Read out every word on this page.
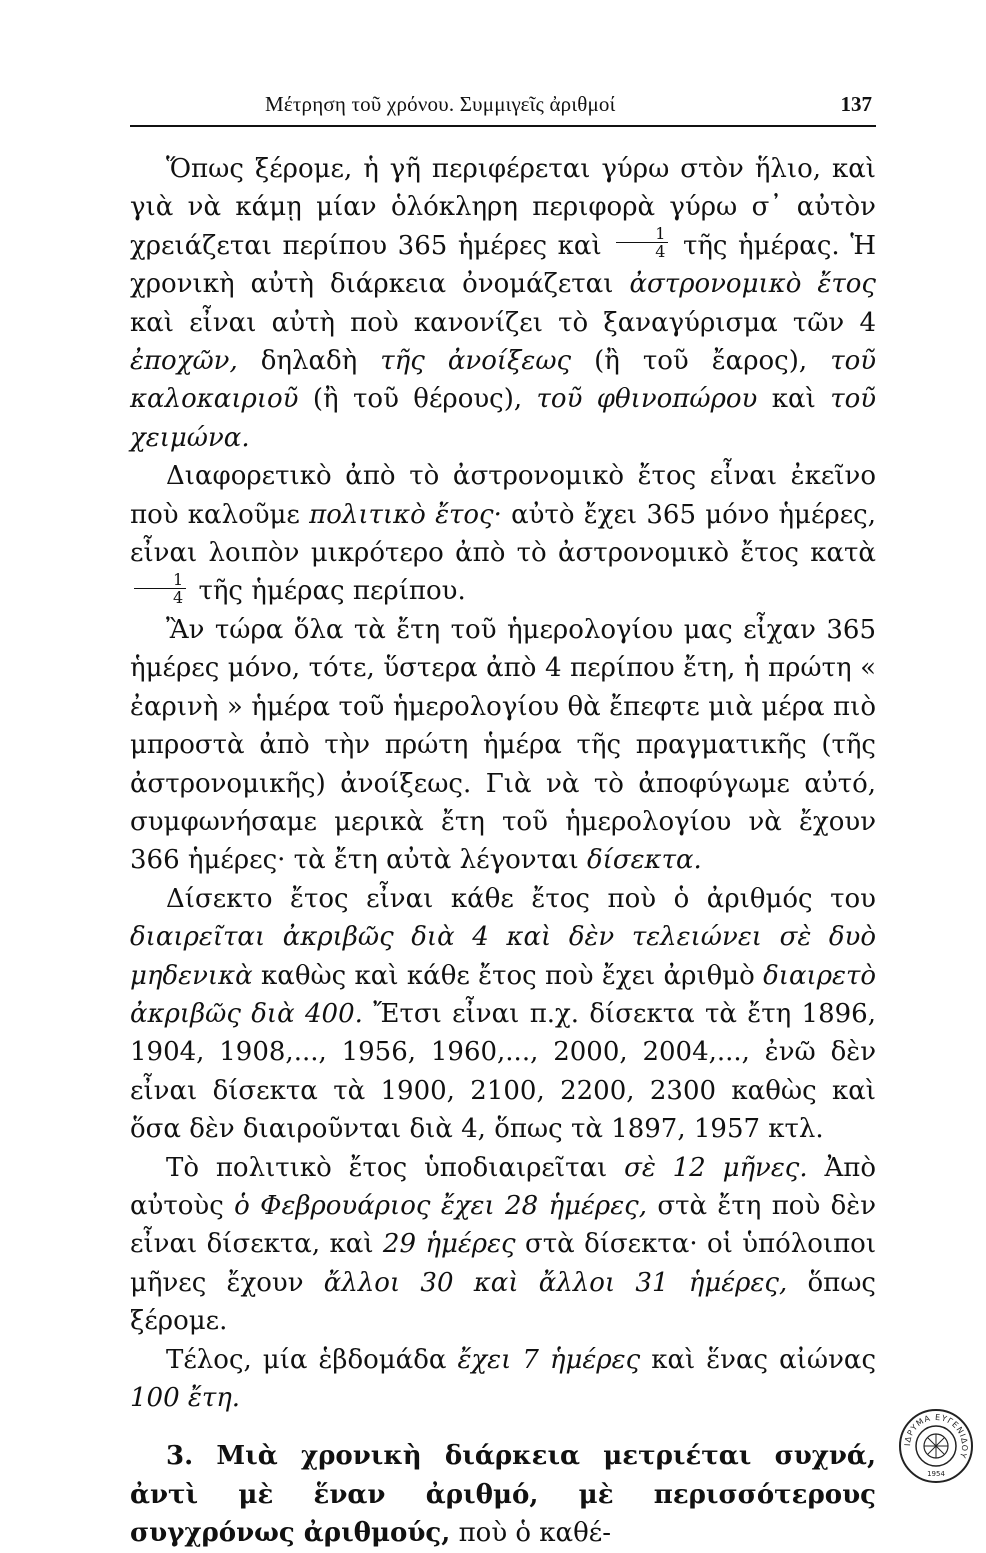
Μέτρηση τοῦ χρόνου. Συμμιγεῖς ἀριθμοί	137

Ὅπως ξέρομε, ἡ γῆ περιφέρεται γύρω στὸν ἥλιο, καὶ γιὰ νὰ κάμῃ μίαν ὁλόκληρη περιφορὰ γύρω σ᾽ αὐτὸν χρειάζεται περίπου 365 ἡμέρες καὶ $\frac{1}{4}$ τῆς ἡμέρας. Ἡ χρονικὴ αὐτὴ διάρκεια ὀνομάζεται ἀστρονομικὸ ἔτος καὶ εἶναι αὐτὴ ποὺ κανονίζει τὸ ξαναγύρισμα τῶν 4 ἐποχῶν, δηλαδὴ τῆς ἀνοίξεως (ἢ τοῦ ἔαρος), τοῦ καλοκαιριοῦ (ἢ τοῦ θέρους), τοῦ φθινοπώρου καὶ τοῦ χειμώνα.

Διαφορετικὸ ἀπὸ τὸ ἀστρονομικὸ ἔτος εἶναι ἐκεῖνο ποὺ καλοῦμε πολιτικὸ ἔτος· αὐτὸ ἔχει 365 μόνο ἡμέρες, εἶναι λοιπὸν μικρότερο ἀπὸ τὸ ἀστρονομικὸ ἔτος κατὰ
$\frac{1}{4}$ τῆς ἡμέρας περίπου.

Ἂν τώρα ὅλα τὰ ἔτη τοῦ ἡμερολογίου μας εἶχαν 365 ἡμέρες μόνο, τότε, ὕστερα ἀπὸ 4 περίπου ἔτη, ἡ πρώτη « ἐαρινὴ » ἡμέρα τοῦ ἡμερολογίου θὰ ἔπεφτε μιὰ μέρα πιὸ μπροστὰ ἀπὸ τὴν πρώτη ἡμέρα τῆς πραγματικῆς (τῆς ἀστρονομικῆς) ἀνοίξεως. Γιὰ νὰ τὸ ἀποφύγωμε αὐτό, συμφωνήσαμε μερικὰ ἔτη τοῦ ἡμερολογίου νὰ ἔχουν 366 ἡμέρες· τὰ ἔτη αὐτὰ λέγονται δίσεκτα.

Δίσεκτο ἔτος εἶναι κάθε ἔτος ποὺ ὁ ἀριθμός του διαιρεῖται ἀκριβῶς διὰ 4 καὶ δὲν τελειώνει σὲ δυὸ μηδενικὰ καθὼς καὶ κάθε ἔτος ποὺ ἔχει ἀριθμὸ διαιρετὸ ἀκριβῶς διὰ 400. Ἔτσι εἶναι π.χ. δίσεκτα τὰ ἔτη 1896, 1904, 1908,..., 1956, 1960,..., 2000, 2004,..., ἐνῶ δὲν εἶναι δίσεκτα τὰ 1900, 2100, 2200, 2300 καθὼς καὶ ὅσα δὲν διαιροῦνται διὰ 4, ὅπως τὰ 1897, 1957 κτλ.

Τὸ πολιτικὸ ἔτος ὑποδιαιρεῖται σὲ 12 μῆνες. Ἀπὸ αὐτοὺς ὁ Φεβρουάριος ἔχει 28 ἡμέρες, στὰ ἔτη ποὺ δὲν εἶναι δίσεκτα, καὶ 29 ἡμέρες στὰ δίσεκτα· οἱ ὑπόλοιποι μῆνες ἔχουν ἄλλοι 30 καὶ ἄλλοι 31 ἡμέρες, ὅπως ξέρομε.

Τέλος, μία ἑβδομάδα ἔχει 7 ἡμέρες καὶ ἕνας αἰώνας 100 ἔτη.

3. Μιὰ χρονικὴ διάρκεια μετριέται συχνά, ἀντὶ μὲ ἕναν ἀριθμό, μὲ περισσότερους συγχρόνως ἀριθμούς, ποὺ ὁ καθέ-

ΙΔΡΥΜΑ ΕΥΓΕΝΙΔΟΥ
1954
